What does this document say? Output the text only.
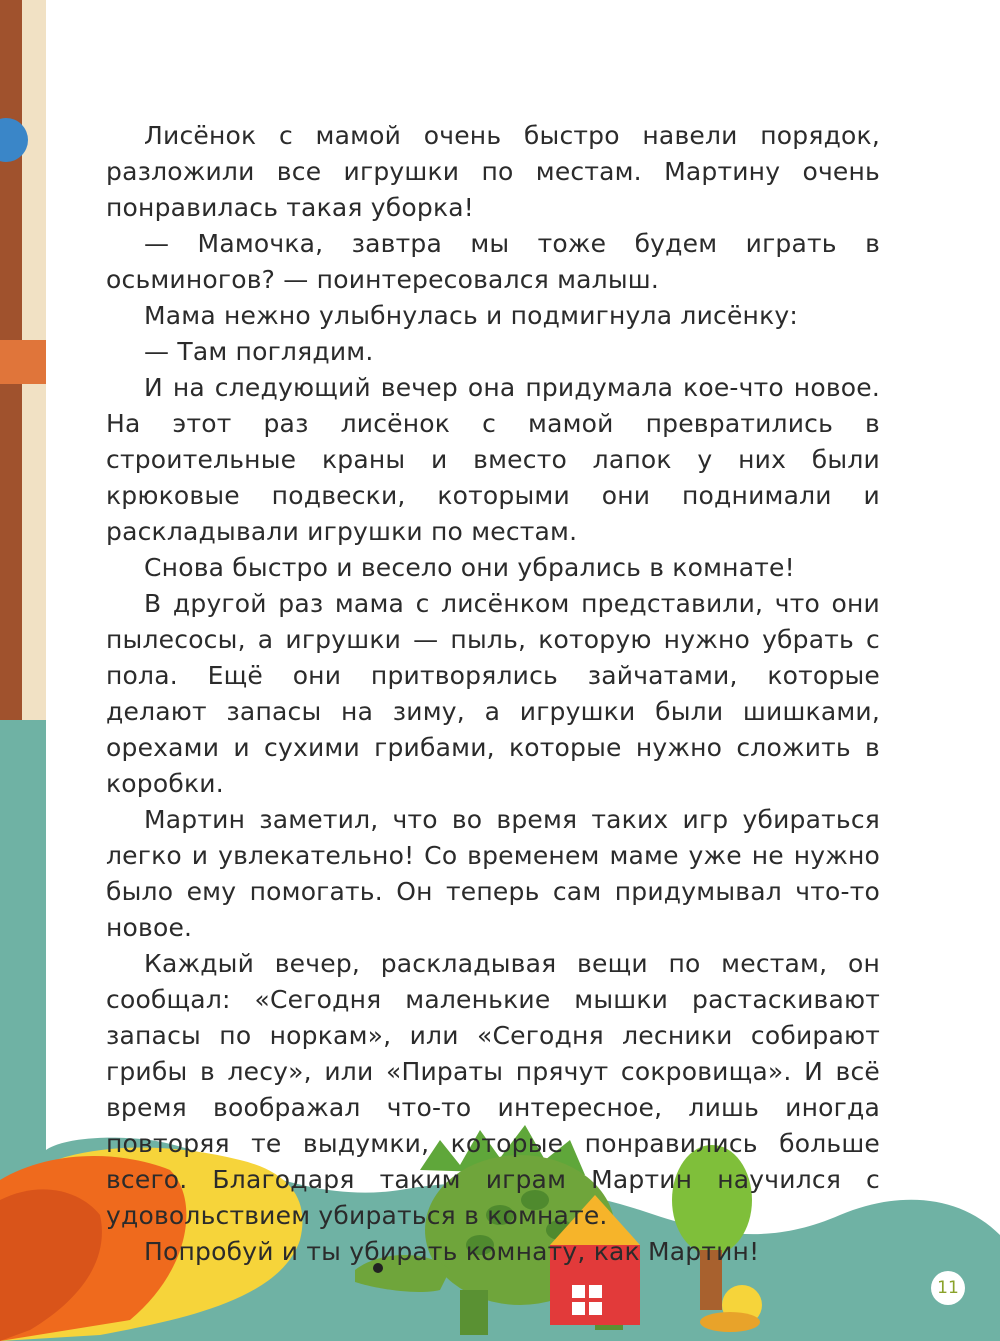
Лисёнок с мамой очень быстро навели порядок, разложили все игрушки по местам. Мартину очень понравилась такая уборка!

— Мамочка, завтра мы тоже будем играть в осьминогов? — поинтересовался малыш.

Мама нежно улыбнулась и подмигнула лисёнку:

— Там поглядим.

И на следующий вечер она придумала кое-что новое. На этот раз лисёнок с мамой превратились в строительные краны и вместо лапок у них были крюковые подвески, которыми они поднимали и раскладывали игрушки по местам.

Снова быстро и весело они убрались в комнате!

В другой раз мама с лисёнком представили, что они пылесосы, а игрушки — пыль, которую нужно убрать с пола. Ещё они притворялись зайчатами, которые делают запасы на зиму, а игрушки были шишками, орехами и сухими грибами, которые нужно сложить в коробки.

Мартин заметил, что во время таких игр убираться легко и увлекательно! Со временем маме уже не нужно было ему помогать. Он теперь сам придумывал что-то новое.

Каждый вечер, раскладывая вещи по местам, он сообщал: «Сегодня маленькие мышки растаскивают запасы по норкам», или «Сегодня лесники собирают грибы в лесу», или «Пираты прячут сокровища». И всё время воображал что-то интересное, лишь иногда повторяя те выдумки, которые понравились больше всего. Благодаря таким играм Мартин научился с удовольствием убираться в комнате.

Попробуй и ты убирать комнату, как Мартин!

11
